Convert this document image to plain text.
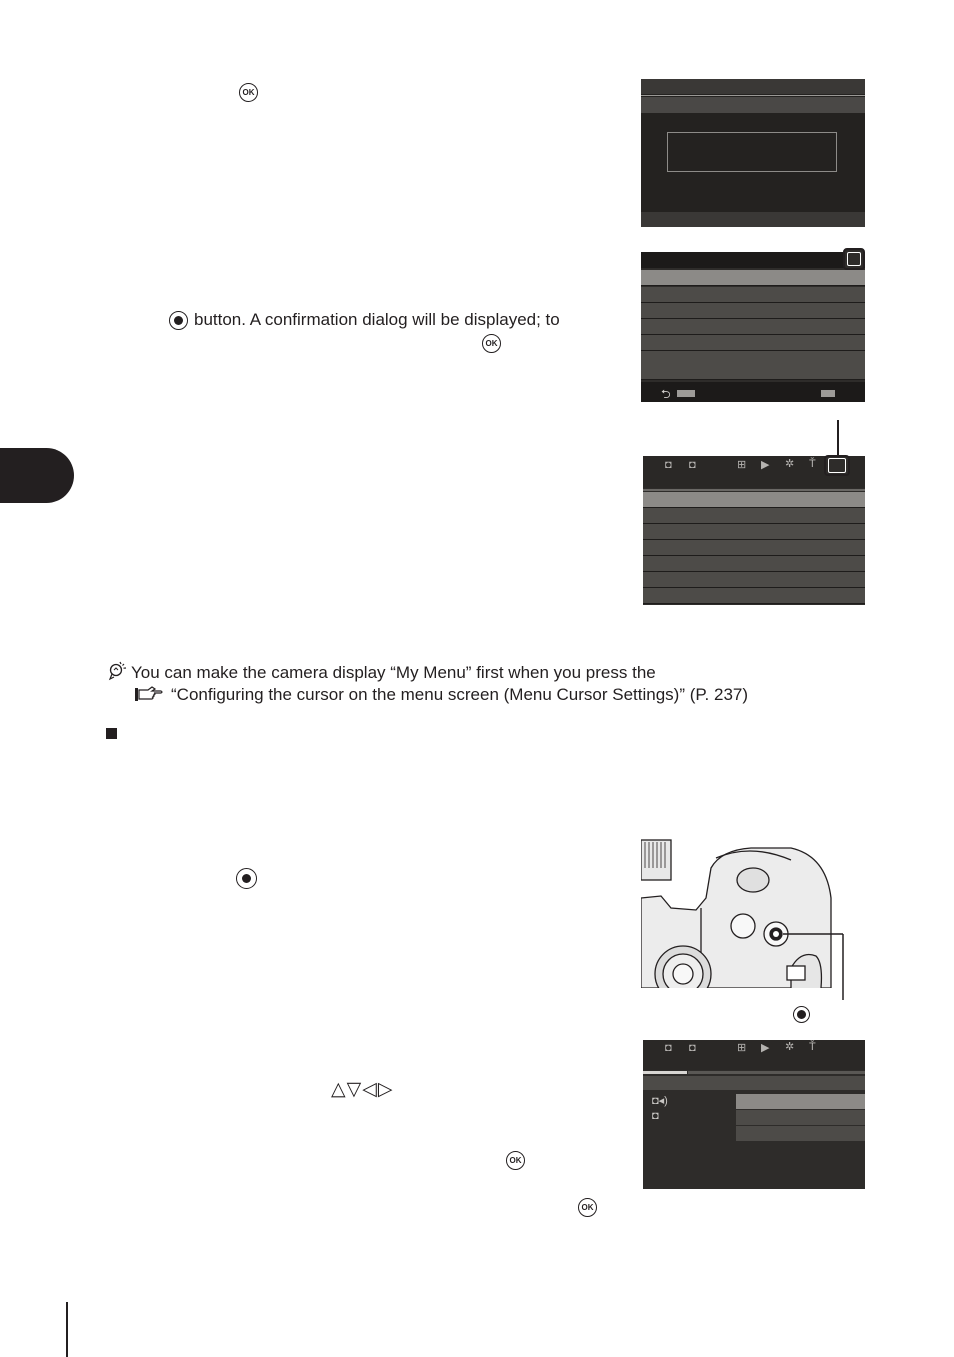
OK
⮌
button. A confirmation dialog will be displayed; to
OK
◘ ◘	⊞ ▶ ✲ Ť
You can make the camera display “My Menu” first when you press the
“Configuring the cursor on the menu screen (Menu Cursor Settings)” (P. 237)
△▽◁▷
OK
◘ ◘	⊞ ▶ ✲ Ť
◘◂)
◘
OK
